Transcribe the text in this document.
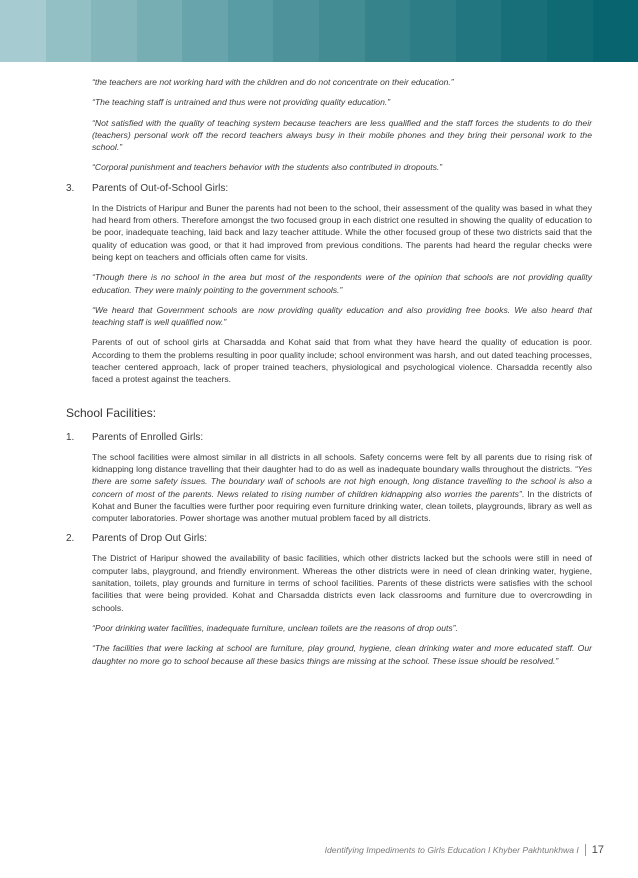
“the teachers are not working hard with the children and do not concentrate on their education.”

“The teaching staff is untrained and thus were not providing quality education.”

“Not satisfied with the quality of teaching system because teachers are less qualified and the staff forces the students to do their (teachers) personal work off the record teachers always busy in their mobile phones and they bring their personal work to the school.”

“Corporal punishment and teachers behavior with the students also contributed in dropouts.”

3.	Parents of Out-of-School Girls:

In the Districts of Haripur and Buner the parents had not been to the school, their assessment of the quality was based in what they had heard from others. Therefore amongst the two focused group in each district one resulted in showing the quality of education to be poor, inadequate teaching, laid back and lazy teacher attitude. While the other focused group of these two districts said that the quality of education was good, or that it had improved from previous conditions. The parents had heard the regular checks were being kept on teachers and officials often came for visits.

“Though there is no school in the area but most of the respondents were of the opinion that schools are not providing quality education. They were mainly pointing to the government schools.”

“We heard that Government schools are now providing quality education and also providing free books. We also heard that teaching staff is well qualified now.”

Parents of out of school girls at Charsadda and Kohat said that from what they have heard the quality of education is poor. According to them the problems resulting in poor quality include; school environment was harsh, and out dated teaching processes, teacher centered approach, lack of proper trained teachers, physiological and psychological violence. Charsadda recently also faced a protest against the teachers.

School Facilities:
1.	Parents of Enrolled Girls:

The school facilities were almost similar in all districts in all schools. Safety concerns were felt by all parents due to rising risk of kidnapping long distance travelling that their daughter had to do as well as inadequate boundary walls throughout the districts. “Yes there are some safety issues. The boundary wall of schools are not high enough, long distance travelling to the school is also a concern of most of the parents. News related to rising number of children kidnapping also worries the parents”. In the districts of Kohat and Buner the faculties were further poor requiring even furniture drinking water, clean toilets, playgrounds, library as well as computer laboratories. Power shortage was another mutual problem faced by all districts.

2.	Parents of Drop Out Girls:

The District of Haripur showed the availability of basic facilities, which other districts lacked but the schools were still in need of computer labs, playground, and friendly environment. Whereas the other districts were in need of clean drinking water, hygiene, sanitation, toilets, play grounds and furniture in terms of school facilities. Parents of these districts were satisfies with the school facilities that were being provided. Kohat and Charsadda districts even lack classrooms and furniture due to overcrowding in schools.

“Poor drinking water facilities, inadequate furniture, unclean toilets are the reasons of drop outs”.

“The facilities that were lacking at school are furniture, play ground, hygiene, clean drinking water and more educated staff. Our daughter no more go to school because all these basics things are missing at the school. These issue should be resolved.”

Identifying Impediments to Girls Education I Khyber Pakhtunkhwa I 17
